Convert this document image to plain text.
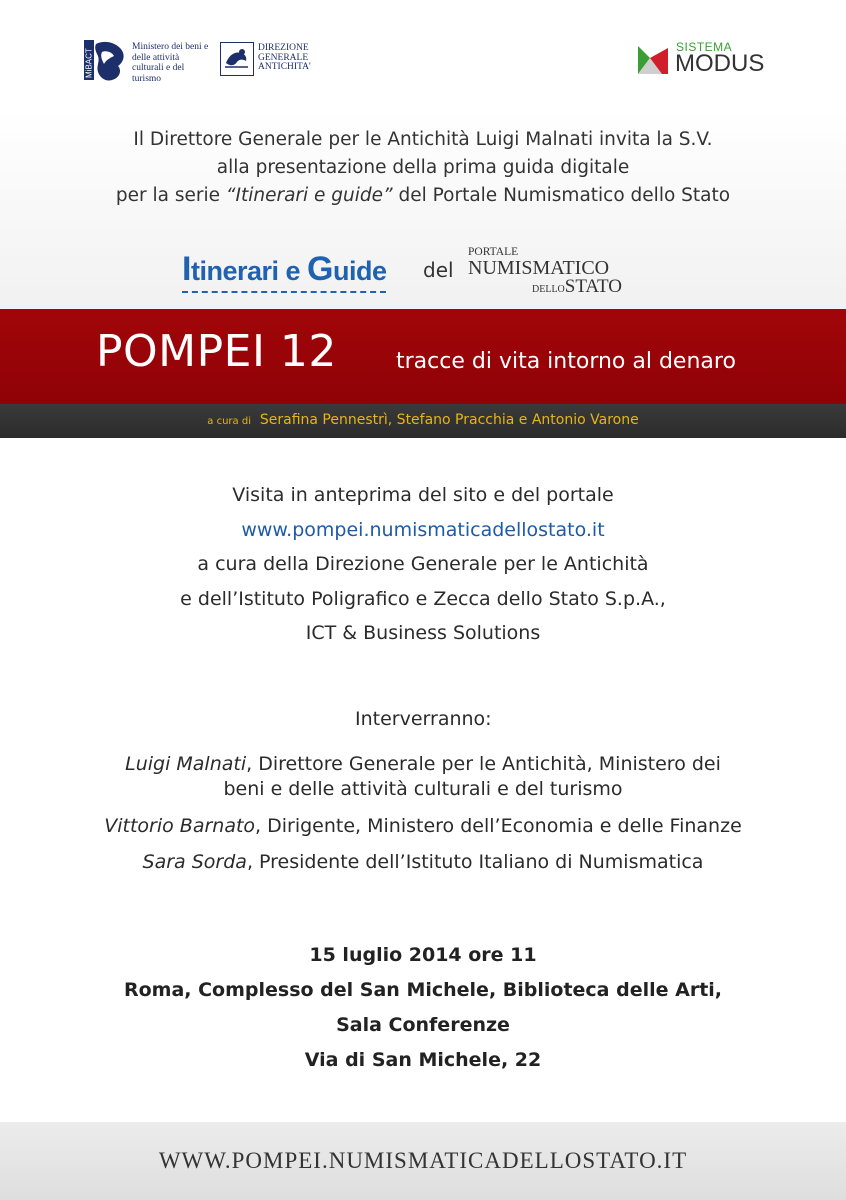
MiBACT
Ministero dei beni e delle attività culturali e del turismo
DIREZIONE GENERALE ANTICHITA'
SISTEMA
MODUS
Il Direttore Generale per le Antichità Luigi Malnati invita la S.V.
alla presentazione della prima guida digitale
per la serie “Itinerari e guide” del Portale Numismatico dello Stato
Itinerari e Guide del
PORTALE
NUMISMATICO
DELLOSTATO
POMPEI 12	tracce di vita intorno al denaro
a cura di Serafina Pennestrì, Stefano Pracchia e Antonio Varone
Visita in anteprima del sito e del portale
www.pompei.numismaticadellostato.it
a cura della Direzione Generale per le Antichità
e dell’Istituto Poligrafico e Zecca dello Stato S.p.A.,
ICT & Business Solutions
Interverranno:

Luigi Malnati, Direttore Generale per le Antichità, Ministero dei
beni e delle attività culturali e del turismo

Vittorio Barnato, Dirigente, Ministero dell’Economia e delle Finanze

Sara Sorda, Presidente dell’Istituto Italiano di Numismatica

15 luglio 2014 ore 11
Roma, Complesso del San Michele, Biblioteca delle Arti,
Sala Conferenze
Via di San Michele, 22
WWW.POMPEI.NUMISMATICADELLOSTATO.IT
